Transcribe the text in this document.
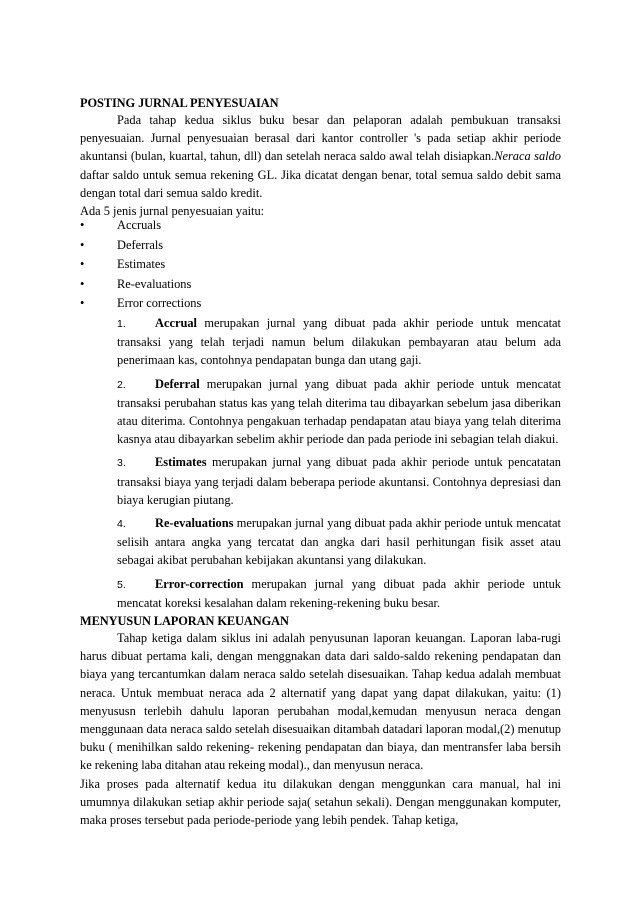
POSTING JURNAL PENYESUAIAN

Pada tahap kedua siklus buku besar dan pelaporan adalah pembukuan transaksi penyesuaian. Jurnal penyesuaian berasal dari kantor controller 's pada setiap akhir periode akuntansi (bulan, kuartal, tahun, dll) dan setelah neraca saldo awal telah disiapkan.Neraca saldo daftar saldo untuk semua rekening GL. Jika dicatat dengan benar, total semua saldo debit sama dengan total dari semua saldo kredit.

Ada 5 jenis jurnal penyesuaian yaitu:
•	Accruals
•	Deferrals
•	Estimates
•	Re-evaluations
•	Error corrections
1. Accrual merupakan jurnal yang dibuat pada akhir periode untuk mencatat transaksi yang telah terjadi namun belum dilakukan pembayaran atau belum ada penerimaan kas, contohnya pendapatan bunga dan utang gaji.
2. Deferral merupakan jurnal yang dibuat pada akhir periode untuk mencatat transaksi perubahan status kas yang telah diterima tau dibayarkan sebelum jasa diberikan atau diterima. Contohnya pengakuan terhadap pendapatan atau biaya yang telah diterima kasnya atau dibayarkan sebelim akhir periode dan pada periode ini sebagian telah diakui.
3. Estimates merupakan jurnal yang dibuat pada akhir periode untuk pencatatan transaksi biaya yang terjadi dalam beberapa periode akuntansi. Contohnya depresiasi dan biaya kerugian piutang.
4. Re-evaluations merupakan jurnal yang dibuat pada akhir periode untuk mencatat selisih antara angka yang tercatat dan angka dari hasil perhitungan fisik asset atau sebagai akibat perubahan kebijakan akuntansi yang dilakukan.
5. Error-correction merupakan jurnal yang dibuat pada akhir periode untuk mencatat koreksi kesalahan dalam rekening-rekening buku besar.
MENYUSUN LAPORAN KEUANGAN

Tahap ketiga dalam siklus ini adalah penyusunan laporan keuangan. Laporan laba-rugi harus dibuat pertama kali, dengan menggnakan data dari saldo-saldo rekening pendapatan dan biaya yang tercantumkan dalam neraca saldo setelah disesuaikan. Tahap kedua adalah membuat neraca. Untuk membuat neraca ada 2 alternatif yang dapat yang dapat dilakukan, yaitu: (1) menyususn terlebih dahulu laporan perubahan modal,kemudan menyusun neraca dengan menggunaan data neraca saldo setelah disesuaikan ditambah datadari laporan modal,(2) menutup buku ( menihilkan saldo rekening- rekening pendapatan dan biaya, dan mentransfer laba bersih ke rekening laba ditahan atau rekeing modal)., dan menyusun neraca.

Jika proses pada alternatif kedua itu dilakukan dengan menggunkan cara manual, hal ini umumnya dilakukan setiap akhir periode saja( setahun sekali). Dengan menggunakan komputer, maka proses tersebut pada periode-periode yang lebih pendek. Tahap ketiga,
